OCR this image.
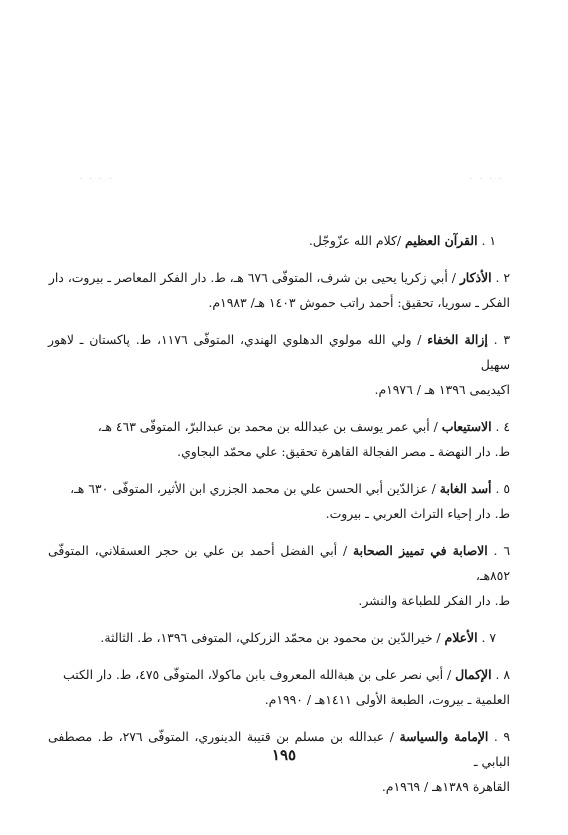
· · · ·	· · · ·
١ . القرآن العظيم /كلام الله عزّوجّل.
٢ . الأذكار / أبي زكريا يحيى بن شرف، المتوفّى ٦٧٦ هـ، ط. دار الفكر المعاصر ـ بيروت، دار
الفكر ـ سوريا، تحقيق: أحمد راتب حموش ١٤٠٣ هـ/ ١٩٨٣م.
٣ . إزالة الخفاء / ولي الله مولوي الدهلوي الهندي، المتوفّى ١١٧٦، ط. پاكستان ـ لاهور سهيل
اكيديمى ١٣٩٦ هـ / ١٩٧٦م.
٤ . الاستيعاب / أبي عمر يوسف بن عبدالله بن محمد بن عبدالبرّ، المتوفّى ٤٦٣ هـ،
ط. دار النهضة ـ مصر الفجالة القاهرة تحقيق: علي محمّد البجاوي.
٥ . أسد الغابة / عزالدّين أبي الحسن علي بن محمد الجزري ابن الأثير، المتوفّى ٦٣٠ هـ،
ط. دار إحياء التراث العربي ـ بيروت.
٦ . الاصابة في تمييز الصحابة / أبي الفضل أحمد بن علي بن حجر العسقلاني، المتوفّى ٨٥٢هـ،
ط. دار الفكر للطباعة والنشر.
٧ . الأعلام / خيرالدّين بن محمود بن محمّد الزركلي، المتوفى ١٣٩٦، ط. الثالثة.
٨ . الإكمال / أبي نصر على بن هبةالله المعروف بابن ماكولا، المتوفّى ٤٧٥، ط. دار الكتب
العلمية ـ بيروت، الطبعة الأولى ١٤١١هـ / ١٩٩٠م.
٩ . الإمامة والسياسة / عبدالله بن مسلم بن قتيبة الدينوري، المتوفّى ٢٧٦، ط. مصطفى البابي ـ
القاهرة ١٣٨٩هـ / ١٩٦٩م.
١٩٥
